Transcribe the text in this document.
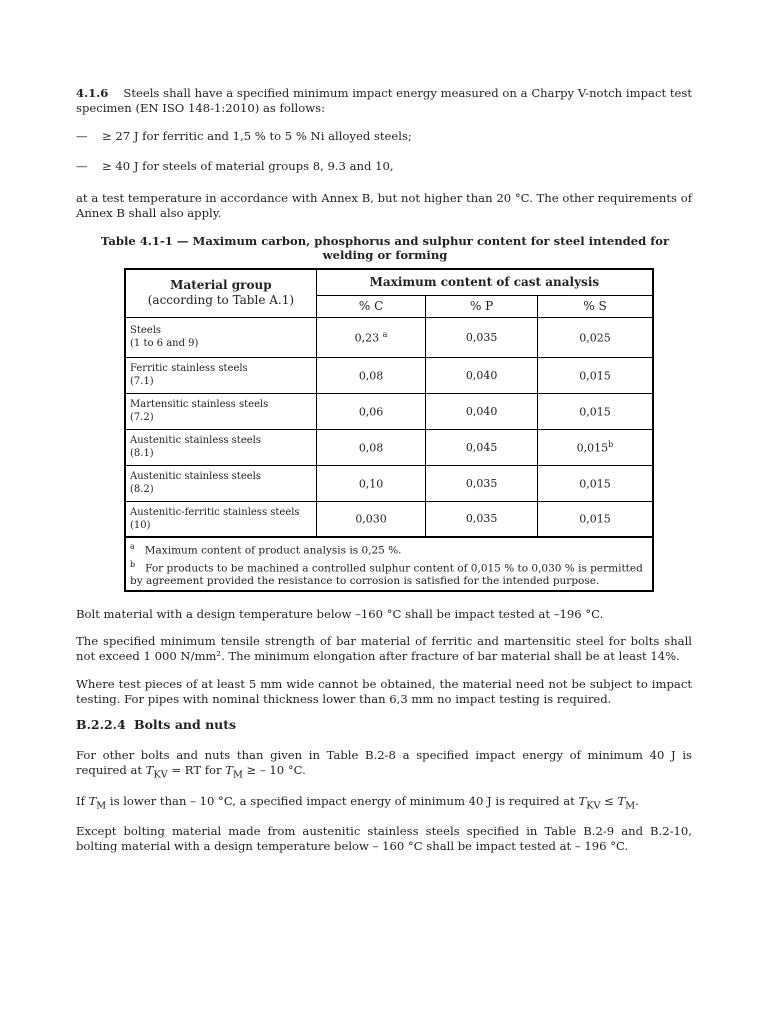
4.1.6 Steels shall have a specified minimum impact energy measured on a Charpy V-notch impact test specimen (EN ISO 148-1:2010) as follows:
— ≥ 27 J for ferritic and 1,5 % to 5 % Ni alloyed steels;
— ≥ 40 J for steels of material groups 8, 9.3 and 10,
at a test temperature in accordance with Annex B, but not higher than 20 °C. The other requirements of Annex B shall also apply.
Table 4.1-1 — Maximum carbon, phosphorus and sulphur content for steel intended for welding or forming
Material group
(according to Table A.1)	Maximum content of cast analysis		
	% C	% P	% S

Steels
(1 to 6 and 9)	0,23 $^a$	0,035	0,025

Ferritic stainless steels
(7.1)	0,08	0,040	0,015

Martensitic stainless steels
(7.2)	0,06	0,040	0,015

Austenitic stainless steels
(8.1)	0,08	0,045	0,015$^b$

Austenitic stainless steels
(8.2)	0,10	0,035	0,015

Austenitic-ferritic stainless steels
(10)	0,030	0,035	0,015

$^a$ Maximum content of product analysis is 0,25 %.
$^b$ For products to be machined a controlled sulphur content of 0,015 % to 0,030 % is permitted by agreement provided the resistance to corrosion is satisfied for the intended purpose.			
Bolt material with a design temperature below –160 °C shall be impact tested at –196 °C.
The specified minimum tensile strength of bar material of ferritic and martensitic steel for bolts shall not exceed 1 000 N/mm². The minimum elongation after fracture of bar material shall be at least 14%.
Where test pieces of at least 5 mm wide cannot be obtained, the material need not be subject to impact testing. For pipes with nominal thickness lower than 6,3 mm no impact testing is required.
B.2.2.4 Bolts and nuts
For other bolts and nuts than given in Table B.2-8 a specified impact energy of minimum 40 J is required at $T_{KV}$ = RT for $T_M$ ≥ – 10 °C.
If $T_M$ is lower than – 10 °C, a specified impact energy of minimum 40 J is required at $T_{KV} \le T_M$.
Except bolting material made from austenitic stainless steels specified in Table B.2-9 and B.2-10, bolting material with a design temperature below – 160 °C shall be impact tested at – 196 °C.
